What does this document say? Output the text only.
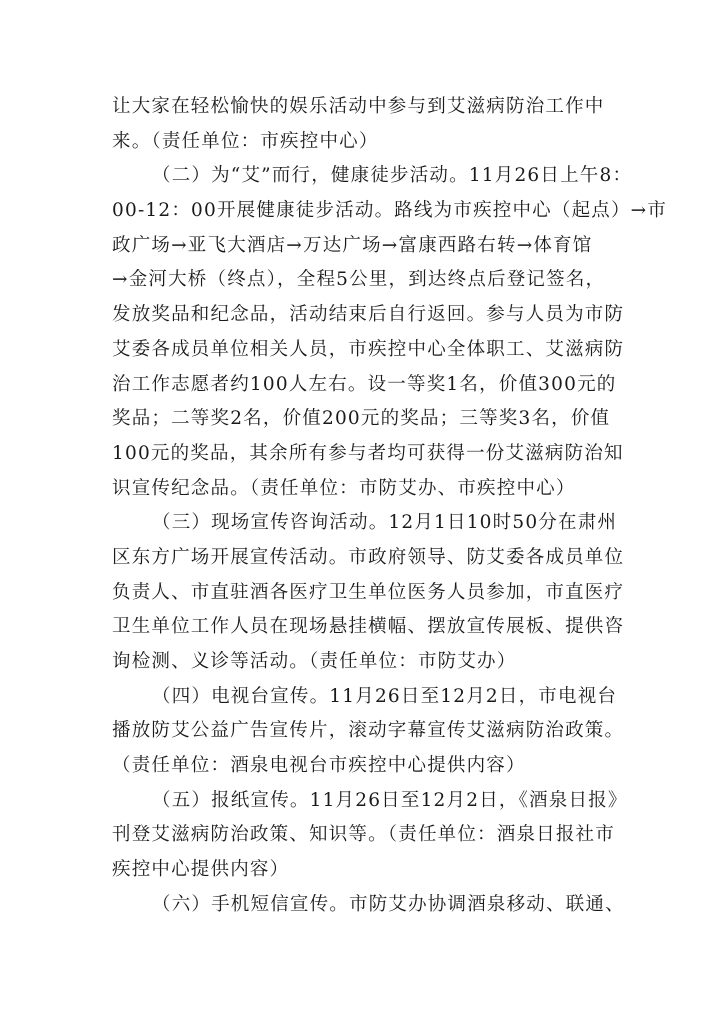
让大家在轻松愉快的娱乐活动中参与到艾滋病防治工作中
来。（责任单位：市疾控中心）
（二）为“艾”而行，健康徒步活动。11月26日上午8：
00-12：00开展健康徒步活动。路线为市疾控中心（起点）→市
政广场→亚飞大酒店→万达广场→富康西路右转→体育馆
→金河大桥（终点），全程5公里，到达终点后登记签名，
发放奖品和纪念品，活动结束后自行返回。参与人员为市防
艾委各成员单位相关人员，市疾控中心全体职工、艾滋病防
治工作志愿者约100人左右。设一等奖1名，价值300元的
奖品；二等奖2名，价值200元的奖品；三等奖3名，价值
100元的奖品，其余所有参与者均可获得一份艾滋病防治知
识宣传纪念品。（责任单位：市防艾办、市疾控中心）
（三）现场宣传咨询活动。12月1日10时50分在肃州
区东方广场开展宣传活动。市政府领导、防艾委各成员单位
负责人、市直驻酒各医疗卫生单位医务人员参加，市直医疗
卫生单位工作人员在现场悬挂横幅、摆放宣传展板、提供咨
询检测、义诊等活动。（责任单位：市防艾办）
（四）电视台宣传。11月26日至12月2日，市电视台
播放防艾公益广告宣传片，滚动字幕宣传艾滋病防治政策。
（责任单位：酒泉电视台市疾控中心提供内容）
（五）报纸宣传。11月26日至12月2日，《酒泉日报》
刊登艾滋病防治政策、知识等。（责任单位：酒泉日报社市
疾控中心提供内容）
（六）手机短信宣传。市防艾办协调酒泉移动、联通、
